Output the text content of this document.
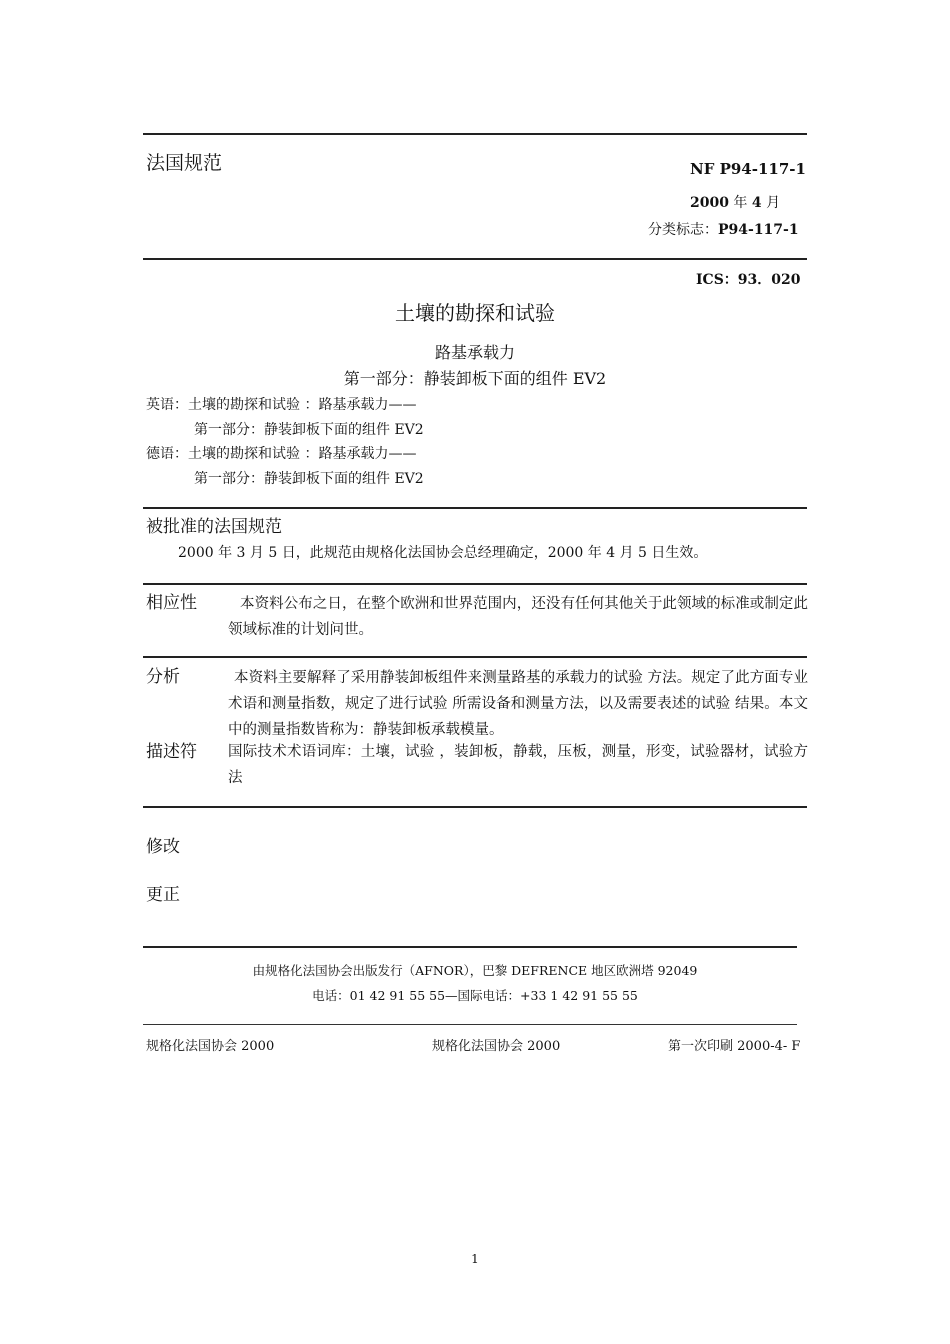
法国规范	NF P94-117-1
2000 年 4 月
分类标志：P94-117-1
ICS：93．020
土壤的勘探和试验
路基承载力
第一部分：静装卸板下面的组件 EV2
英语：土壤的勘探和试验 ：路基承载力——
第一部分：静装卸板下面的组件 EV2
德语：土壤的勘探和试验 ：路基承载力——
第一部分：静装卸板下面的组件 EV2
被批准的法国规范
2000 年 3 月 5 日，此规范由规格化法国协会总经理确定，2000 年 4 月 5 日生效。
相应性	本资料公布之日，在整个欧洲和世界范围内，还没有任何其他关于此领域的标准或制定此领域标准的计划问世。
分析	本资料主要解释了采用静装卸板组件来测量路基的承载力的试验 方法。规定了此方面专业术语和测量指数，规定了进行试验 所需设备和测量方法，以及需要表述的试验 结果。本文中的测量指数皆称为：静装卸板承载模量。
描述符 国际技术术语词库：土壤，试验 ，装卸板，静载，压板，测量，形变，试验器材，试验方法
修改
更正
由规格化法国协会出版发行（AFNOR），巴黎 DEFRENCE 地区欧洲塔 92049
电话：01 42 91 55 55—国际电话：+33 1 42 91 55 55
规格化法国协会 2000	规格化法国协会 2000	第一次印刷 2000-4- F
1
